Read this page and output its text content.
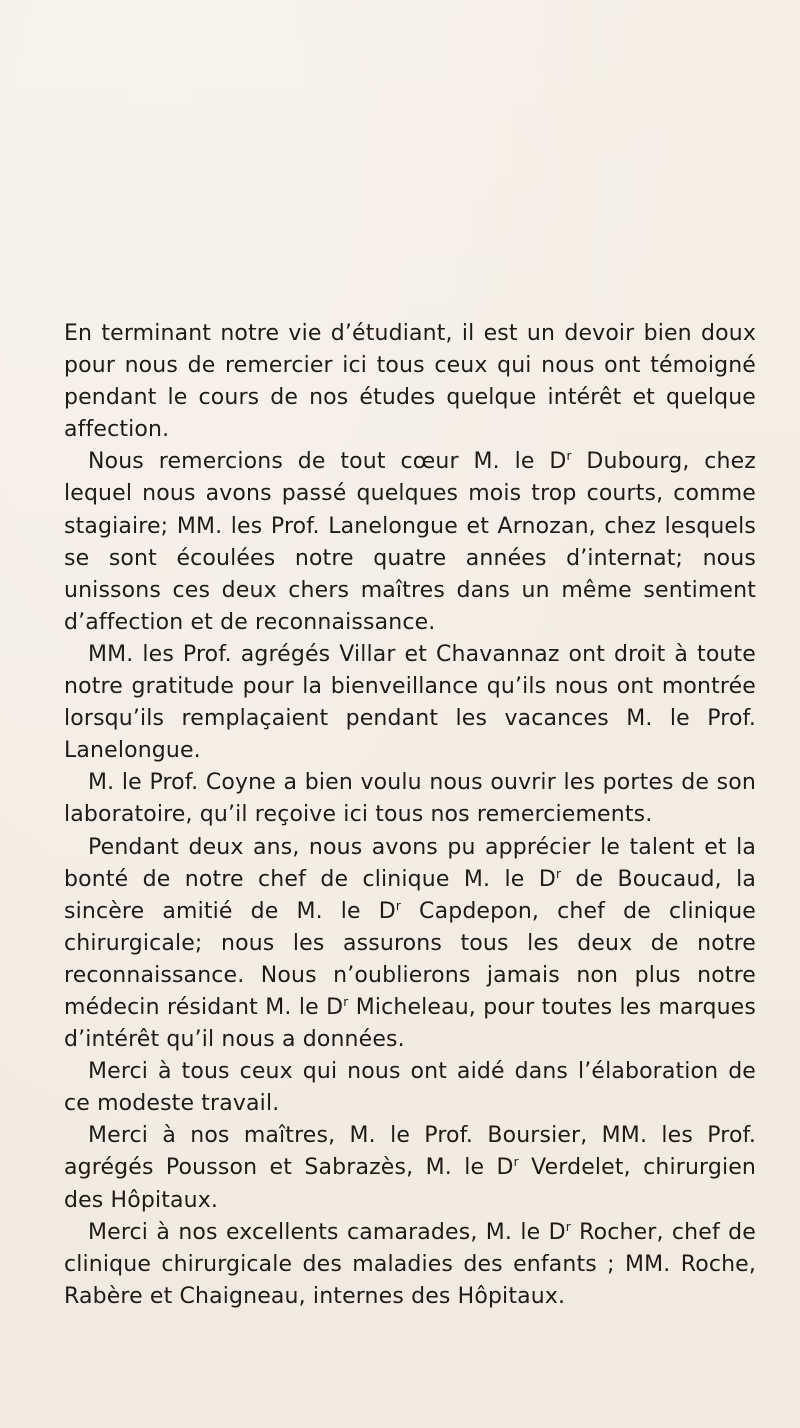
En terminant notre vie d’étudiant, il est un devoir bien doux pour nous de remercier ici tous ceux qui nous ont témoigné pendant le cours de nos études quelque intérêt et quelque affection.

Nous remercions de tout cœur M. le $D^r$ Dubourg, chez lequel nous avons passé quelques mois trop courts, comme stagiaire; MM. les Prof. Lanelongue et Arnozan, chez lesquels se sont écoulées notre quatre années d’internat; nous unissons ces deux chers maîtres dans un même sentiment d’affection et de reconnaissance.

MM. les Prof. agrégés Villar et Chavannaz ont droit à toute notre gratitude pour la bienveillance qu’ils nous ont montrée lorsqu’ils remplaçaient pendant les vacances M. le Prof. Lanelongue.

M. le Prof. Coyne a bien voulu nous ouvrir les portes de son laboratoire, qu’il reçoive ici tous nos remerciements.

Pendant deux ans, nous avons pu apprécier le talent et la bonté de notre chef de clinique M. le $D^r$ de Boucaud, la sincère amitié de M. le $D^r$ Capdepon, chef de clinique chirurgicale; nous les assurons tous les deux de notre reconnaissance. Nous n’oublierons jamais non plus notre médecin résidant M. le $D^r$ Micheleau, pour toutes les marques d’intérêt qu’il nous a données.

Merci à tous ceux qui nous ont aidé dans l’élaboration de ce modeste travail.

Merci à nos maîtres, M. le Prof. Boursier, MM. les Prof. agrégés Pousson et Sabrazès, M. le $D^r$ Verdelet, chirurgien des Hôpitaux.

Merci à nos excellents camarades, M. le $D^r$ Rocher, chef de clinique chirurgicale des maladies des enfants ; MM. Roche, Rabère et Chaigneau, internes des Hôpitaux.
